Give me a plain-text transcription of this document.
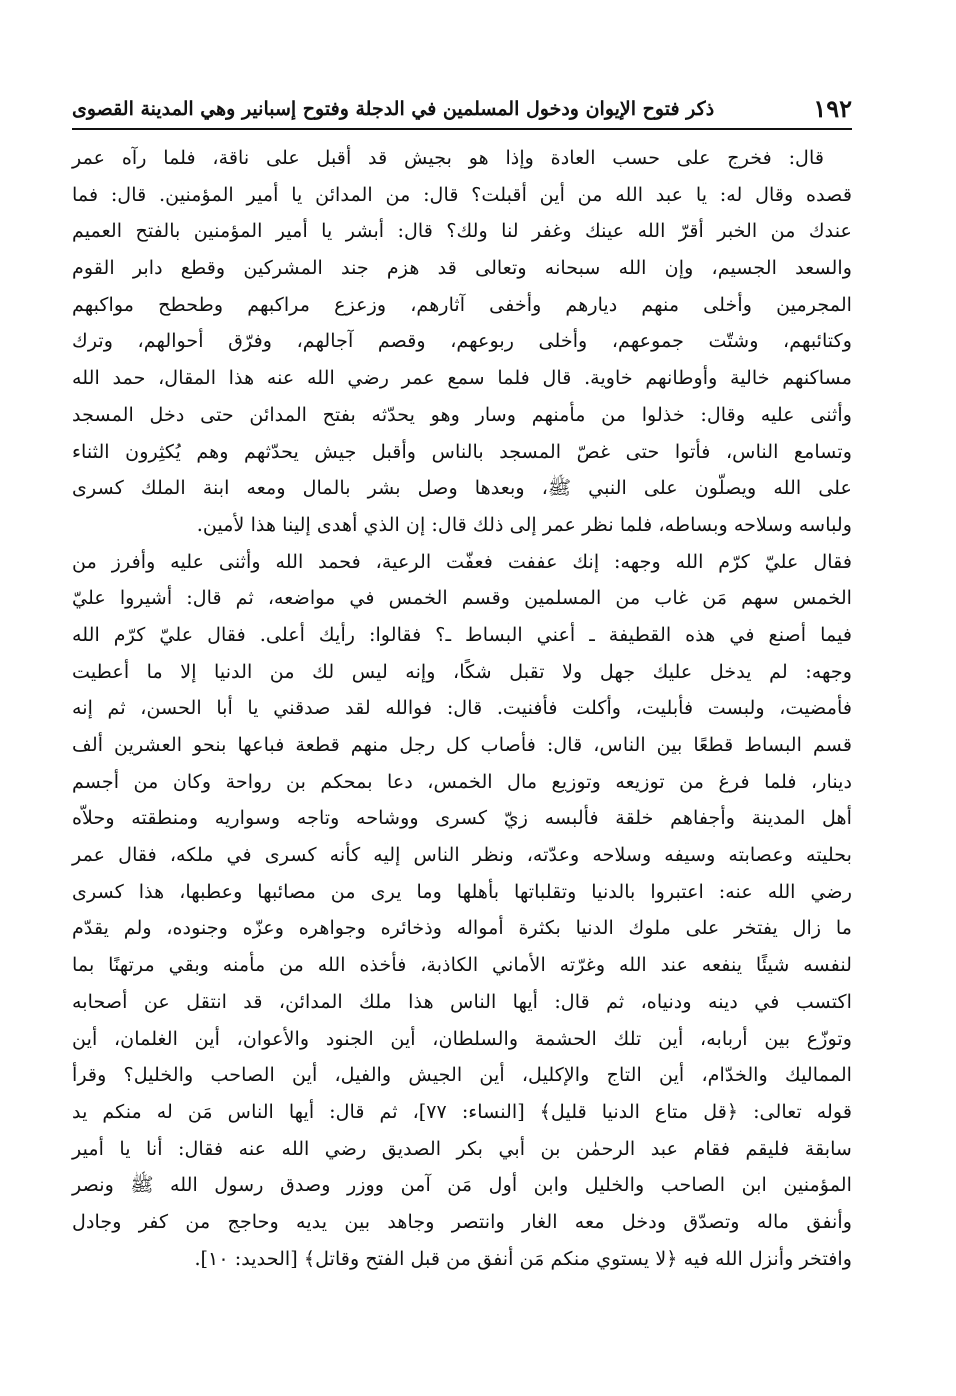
١٩٢
ذكر فتوح الإيوان ودخول المسلمين في الدجلة وفتوح إسبانير وهي المدينة القصوى
قال: فخرج على حسب العادة وإذا هو بجيش قد أقبل على ناقة، فلما رآه عمر
قصده وقال له: يا عبد الله من أين أقبلت؟ قال: من المدائن يا أمير المؤمنين. قال: فما
عندك من الخبر أقرّ الله عينك وغفر لنا ولك؟ قال: أبشر يا أمير المؤمنين بالفتح العميم
والسعد الجسيم، وإن الله سبحانه وتعالى قد هزم جند المشركين وقطع دابر القوم
المجرمين وأخلى منهم ديارهم وأخفى آثارهم، وزعزع مراكبهم وطحطح مواكبهم
وكتائبهم، وشتّت جموعهم، وأخلى ربوعهم، وقصم آجالهم، وفرّق أحوالهم، وترك
مساكنهم خالية وأوطانهم خاوية. قال فلما سمع عمر رضي الله عنه هذا المقال، حمد الله
وأثنى عليه وقال: خذلوا من مأمنهم وسار وهو يحدّثه بفتح المدائن حتى دخل المسجد
وتسامع الناس، فأتوا حتى غصّ المسجد بالناس وأقبل جيش يحدّثهم وهم يُكثِرون الثناء
على الله ويصلّون على النبي ﷺ، وبعدها وصل بشر بالمال ومعه ابنة الملك كسرى
ولباسه وسلاحه وبساطه، فلما نظر عمر إلى ذلك قال: إن الذي أهدى إلينا هذا لأمين.
فقال عليّ كرّم الله وجهه: إنك عففت فعفّت الرعية، فحمد الله وأثنى عليه وأفرز من
الخمس سهم مَن غاب من المسلمين وقسم الخمس في مواضعه، ثم قال: أشيروا عليّ
فيما أصنع في هذه القطيفة ـ أعني البساط ـ؟ فقالوا: رأيك أعلى. فقال عليّ كرّم الله
وجهه: لم يدخل عليك جهل ولا تقبل شكًا، وإنه ليس لك من الدنيا إلا ما أعطيت
فأمضيت، ولبست فأبليت، وأكلت فأفنيت. قال: فوالله لقد صدقني يا أبا الحسن، ثم إنه
قسم البساط قطعًا بين الناس، قال: فأصاب كل رجل منهم قطعة فباعها بنحو العشرين ألف
دينار، فلما فرغ من توزيعه وتوزيع مال الخمس، دعا بمحكم بن رواحة وكان من أجسم
أهل المدينة وأجفاهم خلقة فألبسه زيّ كسرى ووشاحه وتاجه وسواريه ومنطقته وحلاّه
بحليته وعصابته وسيفه وسلاحه وعدّته، ونظر الناس إليه كأنه كسرى في ملكه، فقال عمر
رضي الله عنه: اعتبروا بالدنيا وتقلباتها بأهلها وما يرى من مصائبها وعطبها، هذا كسرى
ما زال يفتخر على ملوك الدنيا بكثرة أمواله وذخائره وجواهره وعزّه وجنوده، ولم يقدّم
لنفسه شيئًا ينفعه عند الله وغرّته الأماني الكاذبة، فأخذه الله من مأمنه وبقي مرتهنًا بما
اكتسب في دينه ودنياه، ثم قال: أيها الناس هذا ملك المدائن، قد انتقل عن أصحابه
وتوزّع بين أربابه، أين تلك الحشمة والسلطان، أين الجنود والأعوان، أين الغلمان، أين
المماليك والخدّام، أين التاج والإكليل، أين الجيش والفيل، أين الصاحب والخليل؟ وقرأ
قوله تعالى: ﴿قل متاع الدنيا قليل﴾ [النساء: ٧٧]، ثم قال: أيها الناس مَن له منكم يد
سابقة فليقم فقام عبد الرحمٰن بن أبي بكر الصديق رضي الله عنه فقال: أنا يا أمير
المؤمنين ابن الصاحب والخليل وابن أول مَن آمن ووزر وصدق رسول الله ﷺ ونصر
وأنفق ماله وتصدّق ودخل معه الغار وانتصر وجاهد بين يديه وحاجج من كفر وجادل
وافتخر وأنزل الله فيه ﴿لا يستوي منكم مَن أنفق من قبل الفتح وقاتل﴾ [الحديد: ١٠].
